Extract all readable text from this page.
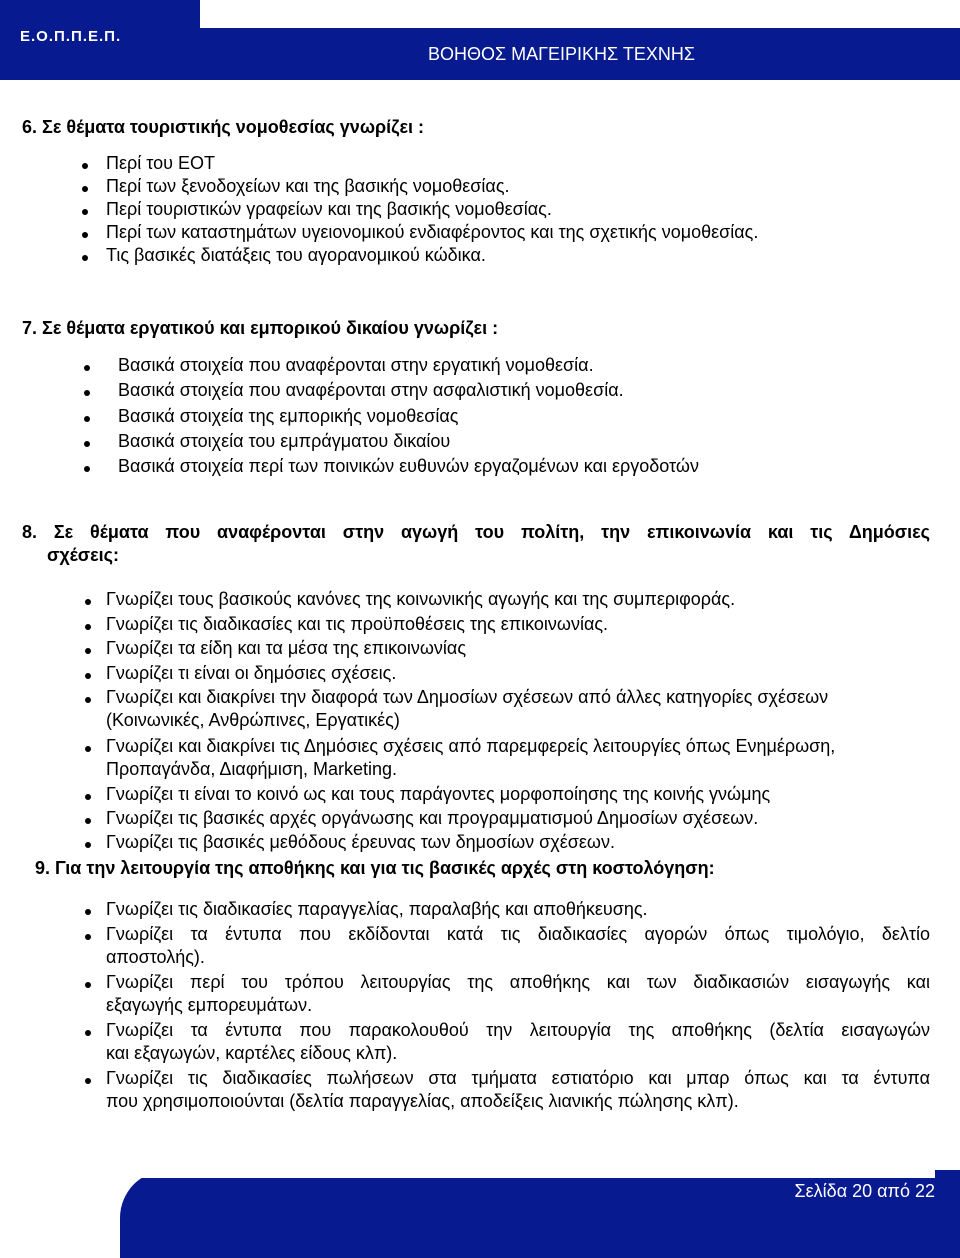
ΒΟΗΘΟΣ ΜΑΓΕΙΡΙΚΗΣ ΤΕΧΝΗΣ
Ε.Ο.Π.Π.Ε.Π.
6. Σε θέματα τουριστικής νομοθεσίας γνωρίζει :
Περί του ΕΟΤ
Περί των ξενοδοχείων και της βασικής νομοθεσίας.
Περί τουριστικών γραφείων και της βασικής νομοθεσίας.
Περί των καταστημάτων υγειονομικού ενδιαφέροντος και της σχετικής νομοθεσίας.
Τις βασικές διατάξεις του αγορανομικού κώδικα.
7. Σε θέματα εργατικού και εμπορικού δικαίου γνωρίζει :
Βασικά στοιχεία που αναφέρονται στην εργατική νομοθεσία.
Βασικά στοιχεία που αναφέρονται στην ασφαλιστική νομοθεσία.
Βασικά στοιχεία της εμπορικής νομοθεσίας
Βασικά στοιχεία του εμπράγματου δικαίου
Βασικά στοιχεία περί των ποινικών ευθυνών εργαζομένων και εργοδοτών
8. Σε θέματα που αναφέρονται στην αγωγή του πολίτη, την επικοινωνία και τις Δημόσιες
σχέσεις:
Γνωρίζει τους βασικούς κανόνες της κοινωνικής αγωγής και της συμπεριφοράς.
Γνωρίζει τις διαδικασίες και τις προϋποθέσεις της επικοινωνίας.
Γνωρίζει τα είδη και τα μέσα της επικοινωνίας
Γνωρίζει τι είναι οι δημόσιες σχέσεις.
Γνωρίζει και διακρίνει την διαφορά των Δημοσίων σχέσεων από άλλες κατηγορίες σχέσεων
(Κοινωνικές, Ανθρώπινες, Εργατικές)
Γνωρίζει και διακρίνει τις Δημόσιες σχέσεις από παρεμφερείς λειτουργίες όπως Ενημέρωση,
Προπαγάνδα, Διαφήμιση, Marketing.
Γνωρίζει τι είναι το κοινό ως και τους παράγοντες μορφοποίησης της κοινής γνώμης
Γνωρίζει τις βασικές αρχές οργάνωσης και προγραμματισμού Δημοσίων σχέσεων.
Γνωρίζει τις βασικές μεθόδους έρευνας των δημοσίων σχέσεων.
9. Για την λειτουργία της αποθήκης και για τις βασικές αρχές στη κοστολόγηση:
Γνωρίζει τις διαδικασίες παραγγελίας, παραλαβής και αποθήκευσης.
Γνωρίζει τα έντυπα που εκδίδονται κατά τις διαδικασίες αγορών όπως τιμολόγιο, δελτίο
αποστολής).
Γνωρίζει περί του τρόπου λειτουργίας της αποθήκης και των διαδικασιών εισαγωγής και
εξαγωγής εμπορευμάτων.
Γνωρίζει τα έντυπα που παρακολουθού την λειτουργία της αποθήκης (δελτία εισαγωγών
και εξαγωγών, καρτέλες είδους κλπ).
Γνωρίζει τις διαδικασίες πωλήσεων στα τμήματα εστιατόριο και μπαρ όπως και τα έντυπα
που χρησιμοποιούνται (δελτία παραγγελίας, αποδείξεις λιανικής πώλησης κλπ).
Σελίδα 20 από 22
